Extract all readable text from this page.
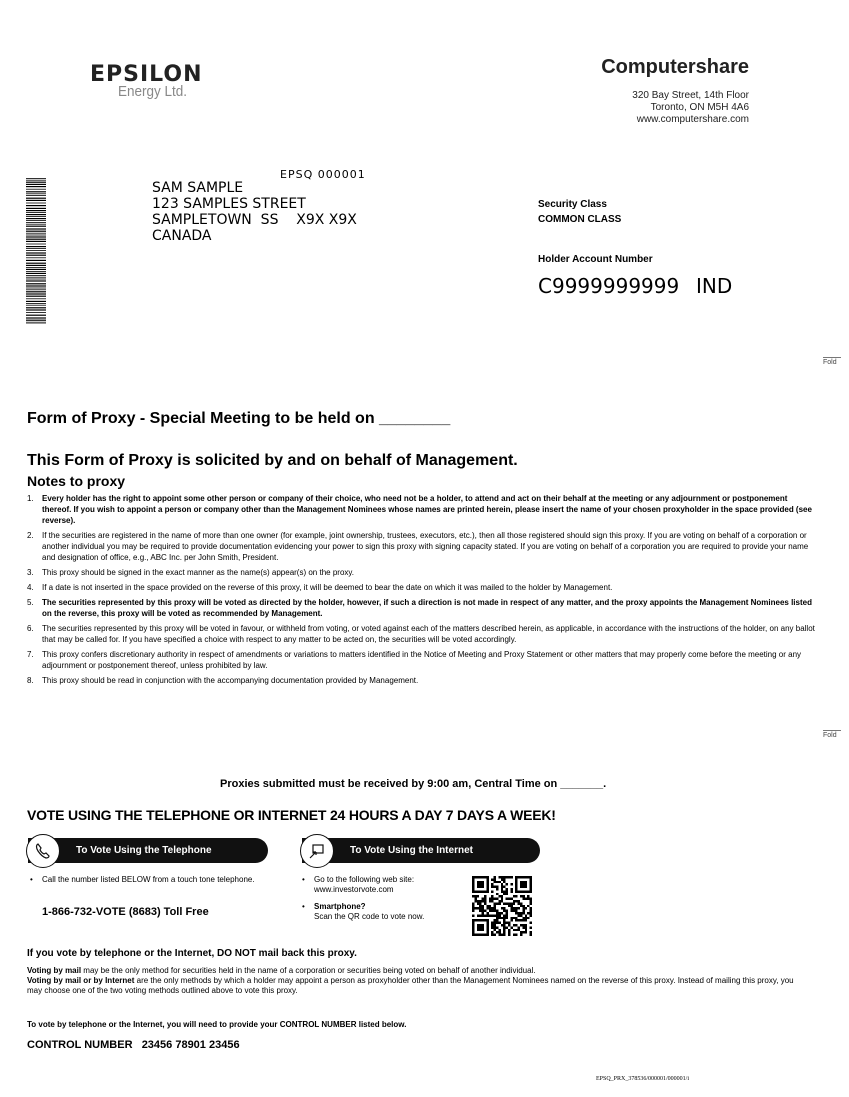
EPSILON
Energy Ltd.
Computershare
320 Bay Street, 14th Floor
Toronto, ON M5H 4A6
www.computershare.com
EPSQ 000001
SAM SAMPLE
123 SAMPLES STREET
SAMPLETOWN  SS    X9X X9X
CANADA
Security Class
COMMON CLASS
Holder Account Number
C9999999999 IND
Fold
Fold
Form of Proxy - Special Meeting to be held on ________
This Form of Proxy is solicited by and on behalf of Management.
Notes to proxy
1.	Every holder has the right to appoint some other person or company of their choice, who need not be a holder, to attend and act on their behalf at the meeting or any adjournment or postponement thereof. If you wish to appoint a person or company other than the Management Nominees whose names are printed herein, please insert the name of your chosen proxyholder in the space provided (see reverse).
2.	If the securities are registered in the name of more than one owner (for example, joint ownership, trustees, executors, etc.), then all those registered should sign this proxy. If you are voting on behalf of a corporation or another individual you may be required to provide documentation evidencing your power to sign this proxy with signing capacity stated. If you are voting on behalf of a corporation you are required to provide your name and designation of office, e.g., ABC Inc. per John Smith, President.
3.	This proxy should be signed in the exact manner as the name(s) appear(s) on the proxy.
4.	If a date is not inserted in the space provided on the reverse of this proxy, it will be deemed to bear the date on which it was mailed to the holder by Management.
5.	The securities represented by this proxy will be voted as directed by the holder, however, if such a direction is not made in respect of any matter, and the proxy appoints the Management Nominees listed on the reverse, this proxy will be voted as recommended by Management.
6.	The securities represented by this proxy will be voted in favour, or withheld from voting, or voted against each of the matters described herein, as applicable, in accordance with the instructions of the holder, on any ballot that may be called for. If you have specified a choice with respect to any matter to be acted on, the securities will be voted accordingly.
7.	This proxy confers discretionary authority in respect of amendments or variations to matters identified in the Notice of Meeting and Proxy Statement or other matters that may properly come before the meeting or any adjournment or postponement thereof, unless prohibited by law.
8.	This proxy should be read in conjunction with the accompanying documentation provided by Management.
Proxies submitted must be received by 9:00 am, Central Time on _______.
VOTE USING THE TELEPHONE OR INTERNET 24 HOURS A DAY 7 DAYS A WEEK!
To Vote Using the Telephone
•	Call the number listed BELOW from a touch tone telephone.
1-866-732-VOTE (8683) Toll Free
To Vote Using the Internet
•	Go to the following web site: www.investorvote.com
•	Smartphone?
Scan the QR code to vote now.
If you vote by telephone or the Internet, DO NOT mail back this proxy.
Voting by mail may be the only method for securities held in the name of a corporation or securities being voted on behalf of another individual.
Voting by mail or by Internet are the only methods by which a holder may appoint a person as proxyholder other than the Management Nominees named on the reverse of this proxy. Instead of mailing this proxy, you may choose one of the two voting methods outlined above to vote this proxy.
To vote by telephone or the Internet, you will need to provide your CONTROL NUMBER listed below.
CONTROL NUMBER 23456 78901 23456
EPSQ_PRX_378536/000001/000001/i
